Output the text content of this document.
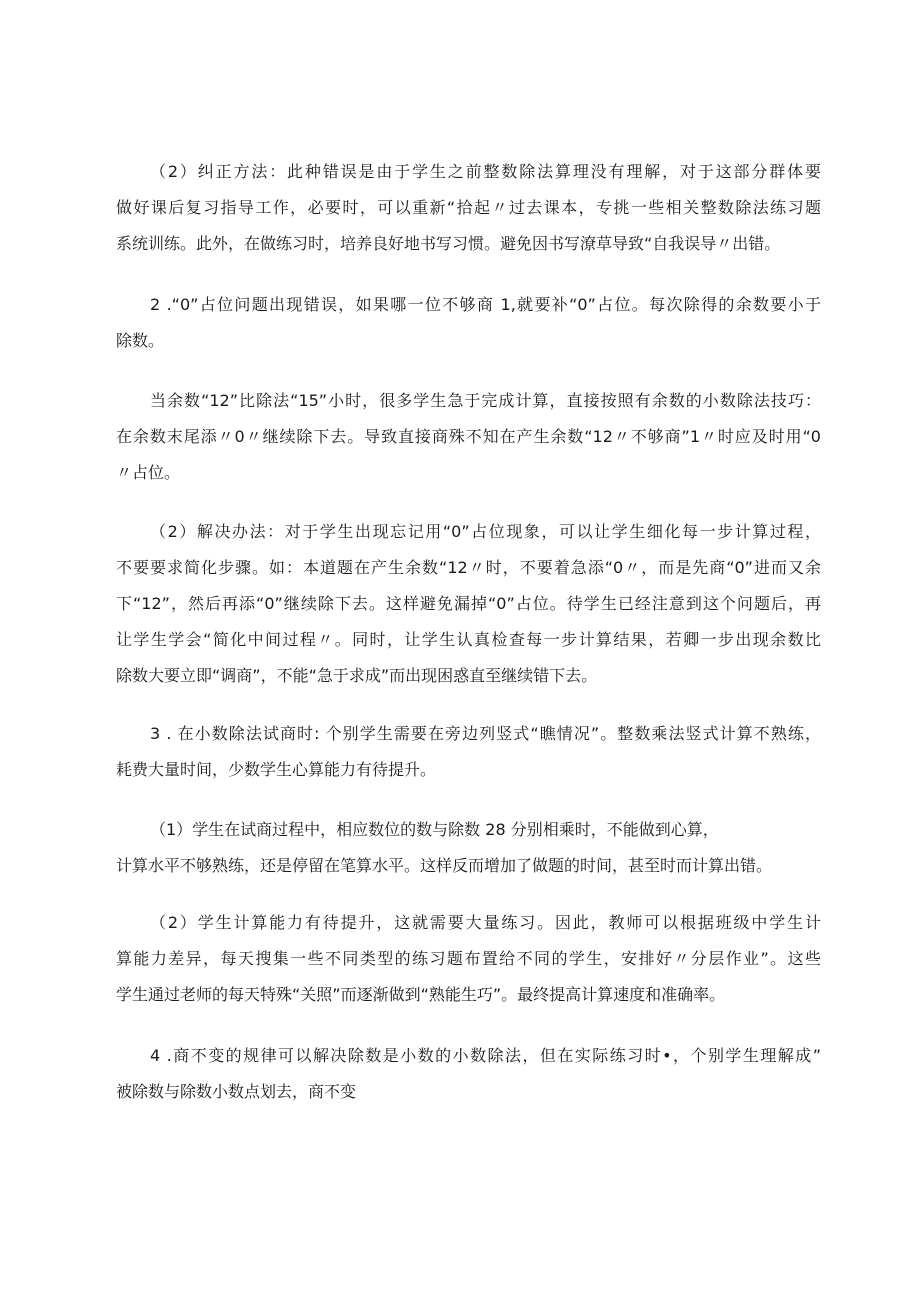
（2）纠正方法：此种错误是由于学生之前整数除法算理没有理解，对于这部分群体要
做好课后复习指导工作，必要时，可以重新“拾起〃过去课本，专挑一些相关整数除法练习题
系统训练。此外，在做练习时，培养良好地书写习惯。避免因书写潦草导致“自我误导〃出错。

2 .“0”占位问题出现错误，如果哪一位不够商 1,就要补“0”占位。每次除得的余数要小于
除数。

当余数“12”比除法“15”小时，很多学生急于完成计算，直接按照有余数的小数除法技巧：
在余数末尾添〃0〃继续除下去。导致直接商殊不知在产生余数“12〃不够商”1〃时应及时用“0
〃占位。

（2）解决办法：对于学生出现忘记用“0”占位现象，可以让学生细化每一步计算过程，
不要要求简化步骤。如：本道题在产生余数“12〃时，不要着急添“0〃，而是先商“0”进而又余
下“12”，然后再添“0”继续除下去。这样避免漏掉“0”占位。待学生已经注意到这个问题后，再
让学生学会“简化中间过程〃。同时，让学生认真检查每一步计算结果，若卿一步出现余数比
除数大要立即“调商”，不能“急于求成”而出现困惑直至继续错下去。

3 . 在小数除法试商时: 个别学生需要在旁边列竖式“瞧情况”。整数乘法竖式计算不熟练，
耗费大量时间，少数学生心算能力有待提升。

（1）学生在试商过程中，相应数位的数与除数 28 分别相乘时，不能做到心算，
计算水平不够熟练，还是停留在笔算水平。这样反而增加了做题的时间，甚至时而计算出错。

（2）学生计算能力有待提升，这就需要大量练习。因此，教师可以根据班级中学生计
算能力差异，每天搜集一些不同类型的练习题布置给不同的学生，安排好〃分层作业”。这些
学生通过老师的每天特殊“关照”而逐渐做到“熟能生巧”。最终提高计算速度和准确率。

4 .商不变的规律可以解决除数是小数的小数除法，但在实际练习时•，个别学生理解成”
被除数与除数小数点划去，商不变
